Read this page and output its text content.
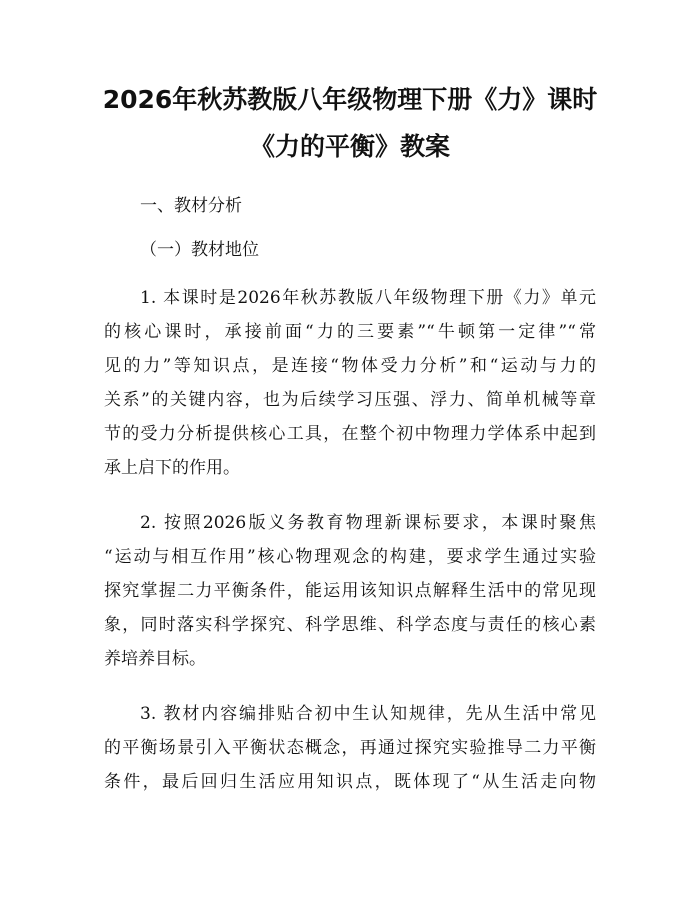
2026年秋苏教版八年级物理下册《力》课时
《力的平衡》教案

一、教材分析

（一）教材地位

1. 本课时是2026年秋苏教版八年级物理下册《力》单元
的核心课时，承接前面“力的三要素”“牛顿第一定律”“常
见的力”等知识点，是连接“物体受力分析”和“运动与力的
关系”的关键内容，也为后续学习压强、浮力、简单机械等章
节的受力分析提供核心工具，在整个初中物理力学体系中起到
承上启下的作用。
2. 按照2026版义务教育物理新课标要求，本课时聚焦
“运动与相互作用”核心物理观念的构建，要求学生通过实验
探究掌握二力平衡条件，能运用该知识点解释生活中的常见现
象，同时落实科学探究、科学思维、科学态度与责任的核心素
养培养目标。
3. 教材内容编排贴合初中生认知规律，先从生活中常见
的平衡场景引入平衡状态概念，再通过探究实验推导二力平衡
条件，最后回归生活应用知识点，既体现了“从生活走向物
